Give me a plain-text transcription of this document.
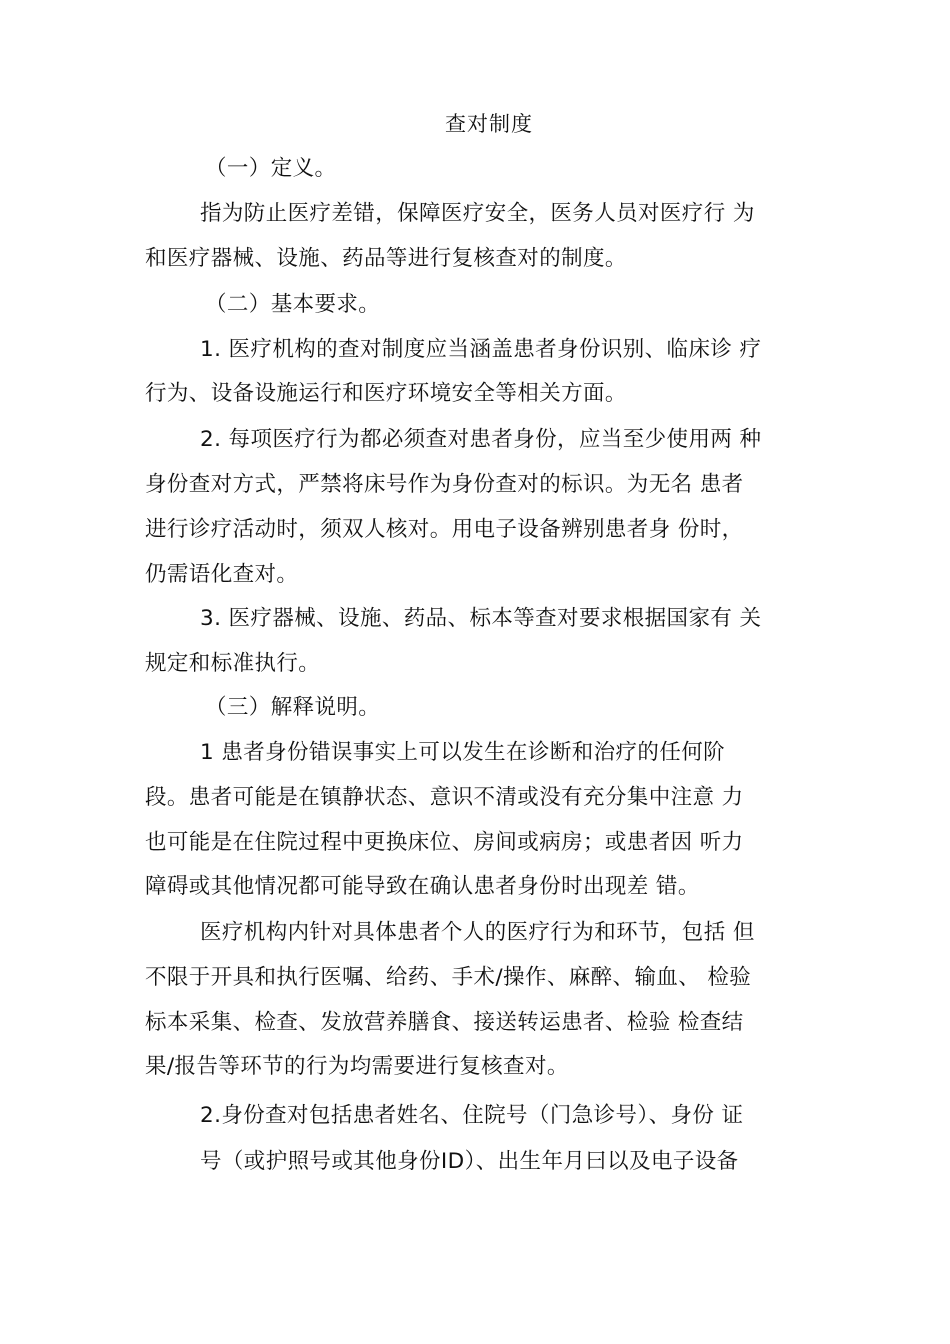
查对制度

（一）定义。

指为防止医疗差错，保障医疗安全，医务人员对医疗行 为

和医疗器械、设施、药品等进行复核查对的制度。

（二）基本要求。

1. 医疗机构的查对制度应当涵盖患者身份识别、临床诊 疗

行为、设备设施运行和医疗环境安全等相关方面。

2. 每项医疗行为都必须查对患者身份，应当至少使用两 种

身份查对方式，严禁将床号作为身份查对的标识。为无名 患者

进行诊疗活动时，须双人核对。用电子设备辨别患者身 份时，

仍需语化查对。

3. 医疗器械、设施、药品、标本等查对要求根据国家有 关

规定和标准执行。

（三）解释说明。

1 患者身份错误事实上可以发生在诊断和治疗的任何阶

段。患者可能是在镇静状态、意识不清或没有充分集中注意 力

也可能是在住院过程中更换床位、房间或病房；或患者因 听力

障碍或其他情况都可能导致在确认患者身份时出现差 错。

医疗机构内针对具体患者个人的医疗行为和环节，包括 但

不限于开具和执行医嘱、给药、手术/操作、麻醉、输血、 检验

标本采集、检查、发放营养膳食、接送转运患者、检验 检查结

果/报告等环节的行为均需要进行复核查对。

2.身份查对包括患者姓名、住院号（门急诊号）、身份 证

号（或护照号或其他身份ID）、出生年月曰以及电子设备
